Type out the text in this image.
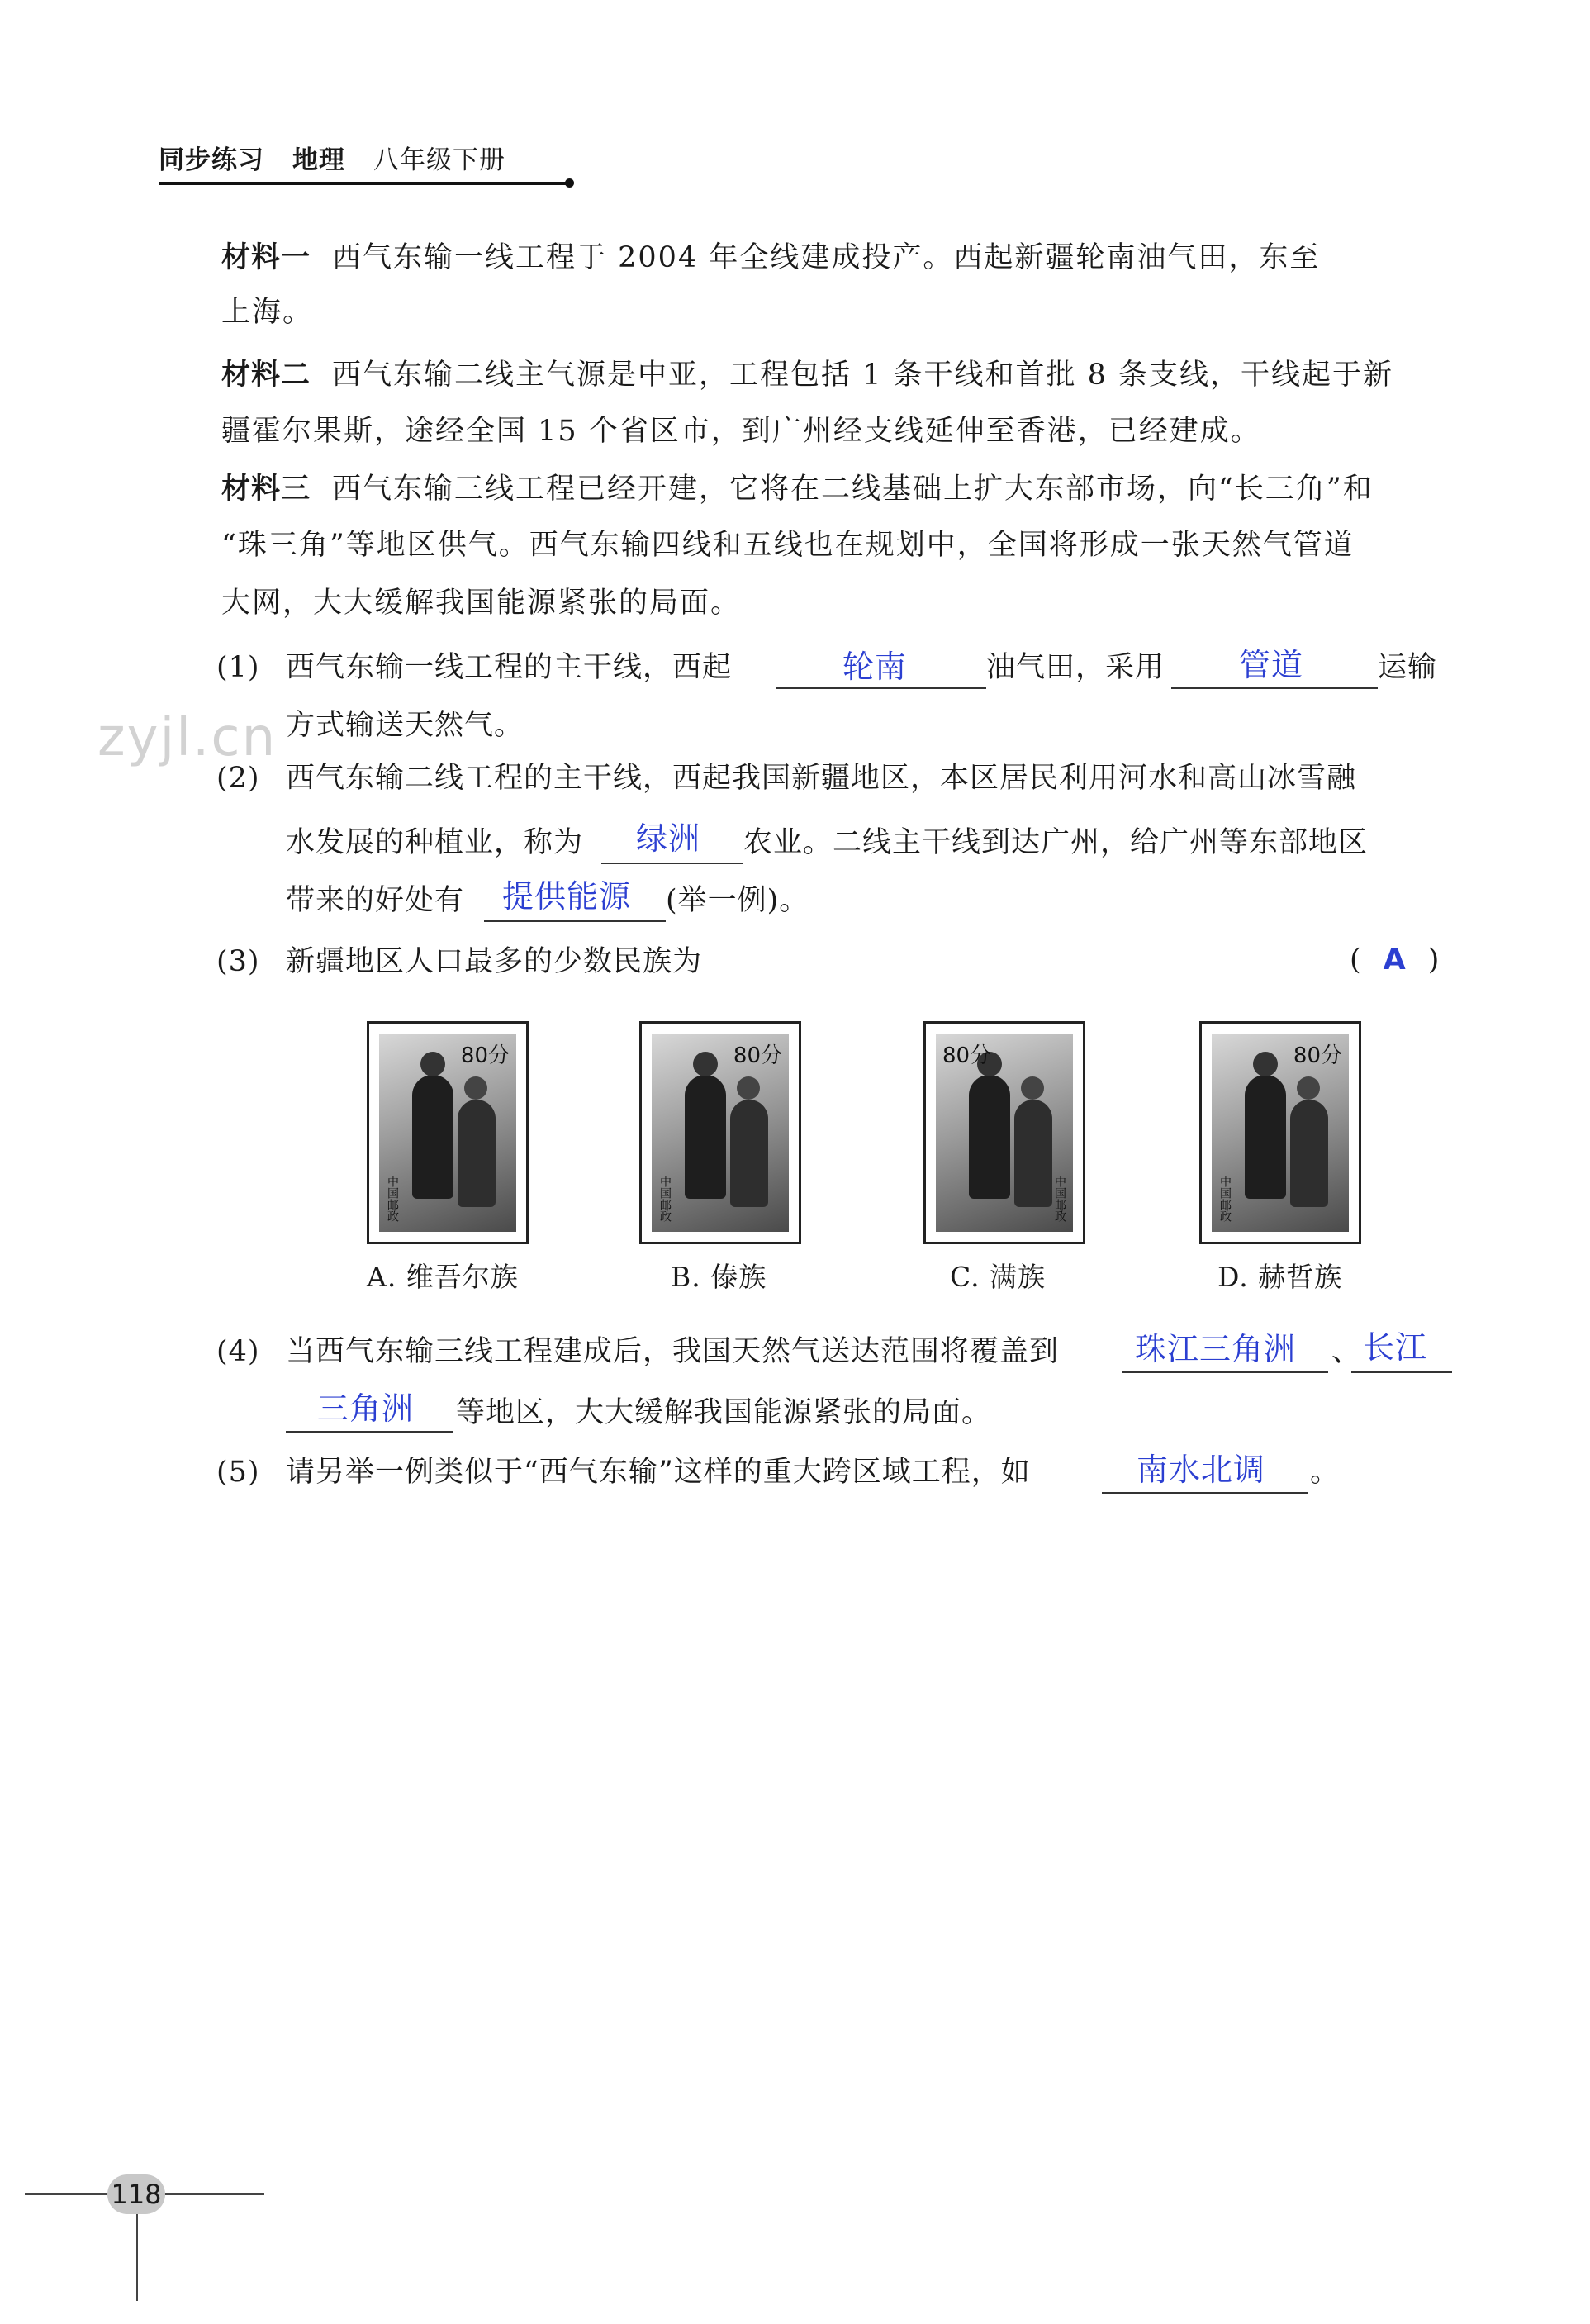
同步练习 地理 八年级下册
材料一 西气东输一线工程于 2004 年全线建成投产。西起新疆轮南油气田，东至
上海。
材料二 西气东输二线主气源是中亚，工程包括 1 条干线和首批 8 条支线，干线起于新
疆霍尔果斯，途经全国 15 个省区市，到广州经支线延伸至香港，已经建成。
材料三 西气东输三线工程已经开建，它将在二线基础上扩大东部市场，向“长三角”和
“珠三角”等地区供气。西气东输四线和五线也在规划中，全国将形成一张天然气管道
大网，大大缓解我国能源紧张的局面。
zyjl.cn
(1) 西气东输一线工程的主干线，西起	轮南	油气田，采用 管道	运输
方式输送天然气。
(2) 西气东输二线工程的主干线，西起我国新疆地区，本区居民利用河水和高山冰雪融
水发展的种植业，称为 绿洲 农业。二线主干线到达广州，给广州等东部地区
带来的好处有 提供能源 (举一例)。
(3) 新疆地区人口最多的少数民族为	( A )
80分
中国邮政
A. 维吾尔族
80分
中国邮政
B. 傣族
80分
中国邮政
C. 满族
80分
中国邮政
D. 赫哲族
(4) 当西气东输三线工程建成后，我国天然气送达范围将覆盖到 珠江三角洲 、 长江
三角洲 等地区，大大缓解我国能源紧张的局面。
(5) 请另举一例类似于“西气东输”这样的重大跨区域工程，如	南水北调 。
118
